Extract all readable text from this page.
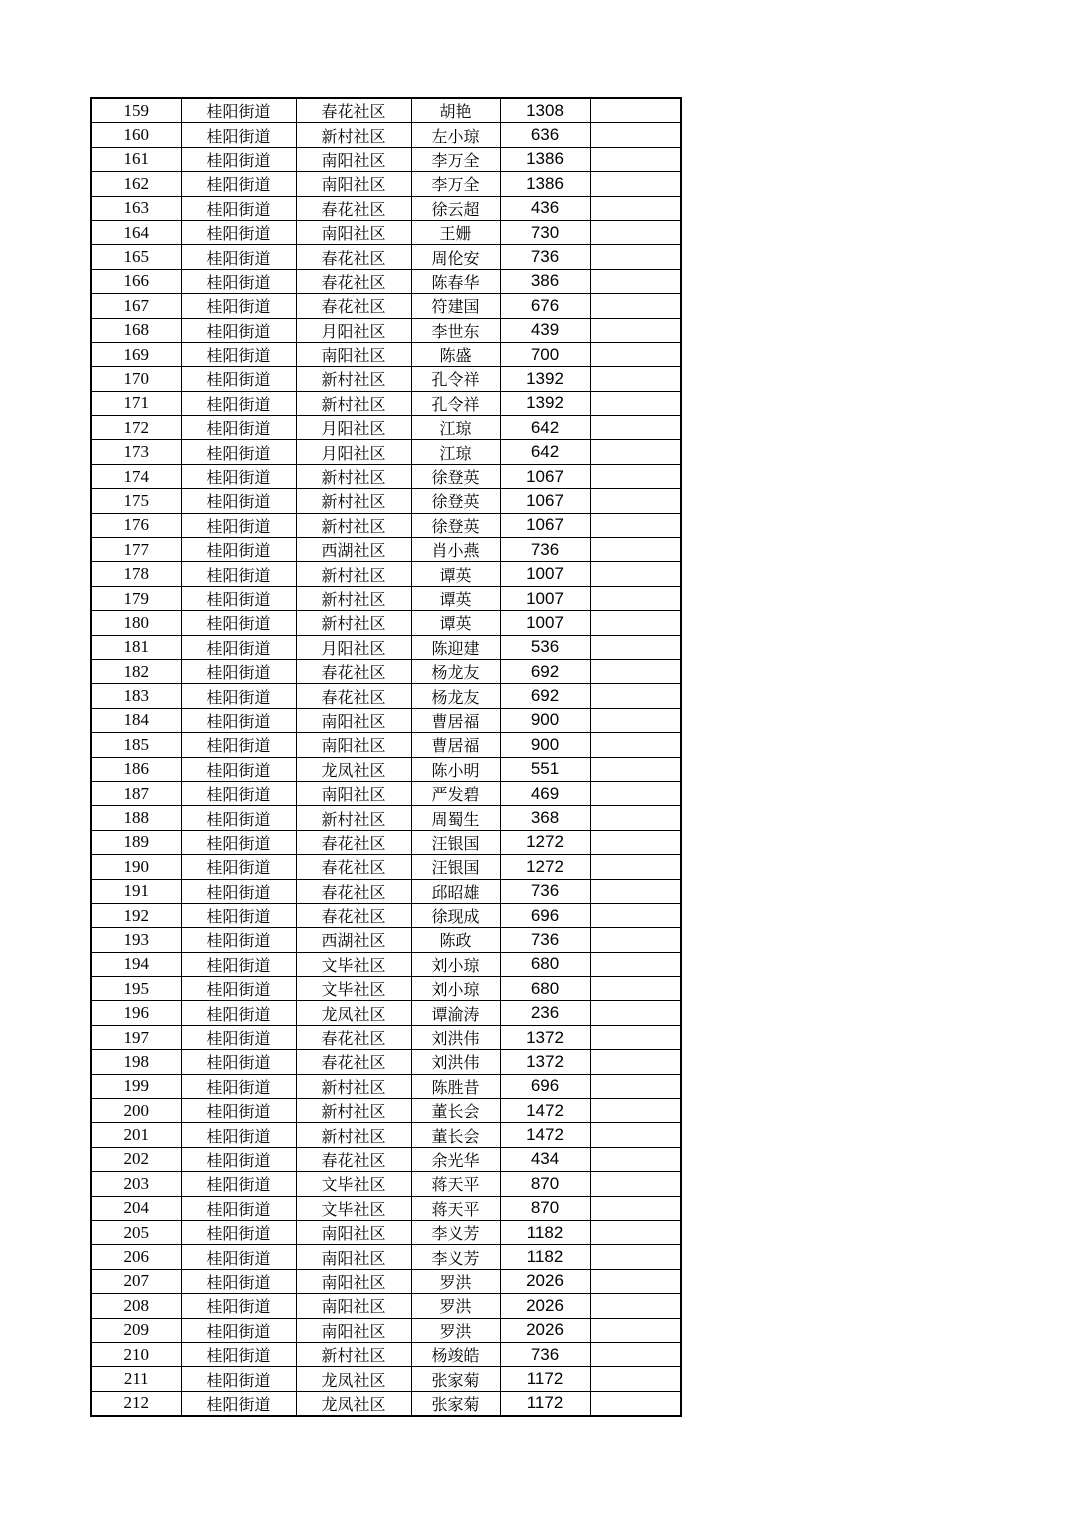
159	桂阳街道	春花社区	胡艳	1308	
160	桂阳街道	新村社区	左小琼	636	
161	桂阳街道	南阳社区	李万全	1386	
162	桂阳街道	南阳社区	李万全	1386	
163	桂阳街道	春花社区	徐云超	436	
164	桂阳街道	南阳社区	王姗	730	
165	桂阳街道	春花社区	周伦安	736	
166	桂阳街道	春花社区	陈春华	386	
167	桂阳街道	春花社区	符建国	676	
168	桂阳街道	月阳社区	李世东	439	
169	桂阳街道	南阳社区	陈盛	700	
170	桂阳街道	新村社区	孔令祥	1392	
171	桂阳街道	新村社区	孔令祥	1392	
172	桂阳街道	月阳社区	江琼	642	
173	桂阳街道	月阳社区	江琼	642	
174	桂阳街道	新村社区	徐登英	1067	
175	桂阳街道	新村社区	徐登英	1067	
176	桂阳街道	新村社区	徐登英	1067	
177	桂阳街道	西湖社区	肖小燕	736	
178	桂阳街道	新村社区	谭英	1007	
179	桂阳街道	新村社区	谭英	1007	
180	桂阳街道	新村社区	谭英	1007	
181	桂阳街道	月阳社区	陈迎建	536	
182	桂阳街道	春花社区	杨龙友	692	
183	桂阳街道	春花社区	杨龙友	692	
184	桂阳街道	南阳社区	曹居福	900	
185	桂阳街道	南阳社区	曹居福	900	
186	桂阳街道	龙凤社区	陈小明	551	
187	桂阳街道	南阳社区	严发碧	469	
188	桂阳街道	新村社区	周蜀生	368	
189	桂阳街道	春花社区	汪银国	1272	
190	桂阳街道	春花社区	汪银国	1272	
191	桂阳街道	春花社区	邱昭雄	736	
192	桂阳街道	春花社区	徐现成	696	
193	桂阳街道	西湖社区	陈政	736	
194	桂阳街道	文毕社区	刘小琼	680	
195	桂阳街道	文毕社区	刘小琼	680	
196	桂阳街道	龙凤社区	谭渝涛	236	
197	桂阳街道	春花社区	刘洪伟	1372	
198	桂阳街道	春花社区	刘洪伟	1372	
199	桂阳街道	新村社区	陈胜昔	696	
200	桂阳街道	新村社区	董长会	1472	
201	桂阳街道	新村社区	董长会	1472	
202	桂阳街道	春花社区	余光华	434	
203	桂阳街道	文毕社区	蒋天平	870	
204	桂阳街道	文毕社区	蒋天平	870	
205	桂阳街道	南阳社区	李义芳	1182	
206	桂阳街道	南阳社区	李义芳	1182	
207	桂阳街道	南阳社区	罗洪	2026	
208	桂阳街道	南阳社区	罗洪	2026	
209	桂阳街道	南阳社区	罗洪	2026	
210	桂阳街道	新村社区	杨竣皓	736	
211	桂阳街道	龙凤社区	张家菊	1172	
212	桂阳街道	龙凤社区	张家菊	1172	
